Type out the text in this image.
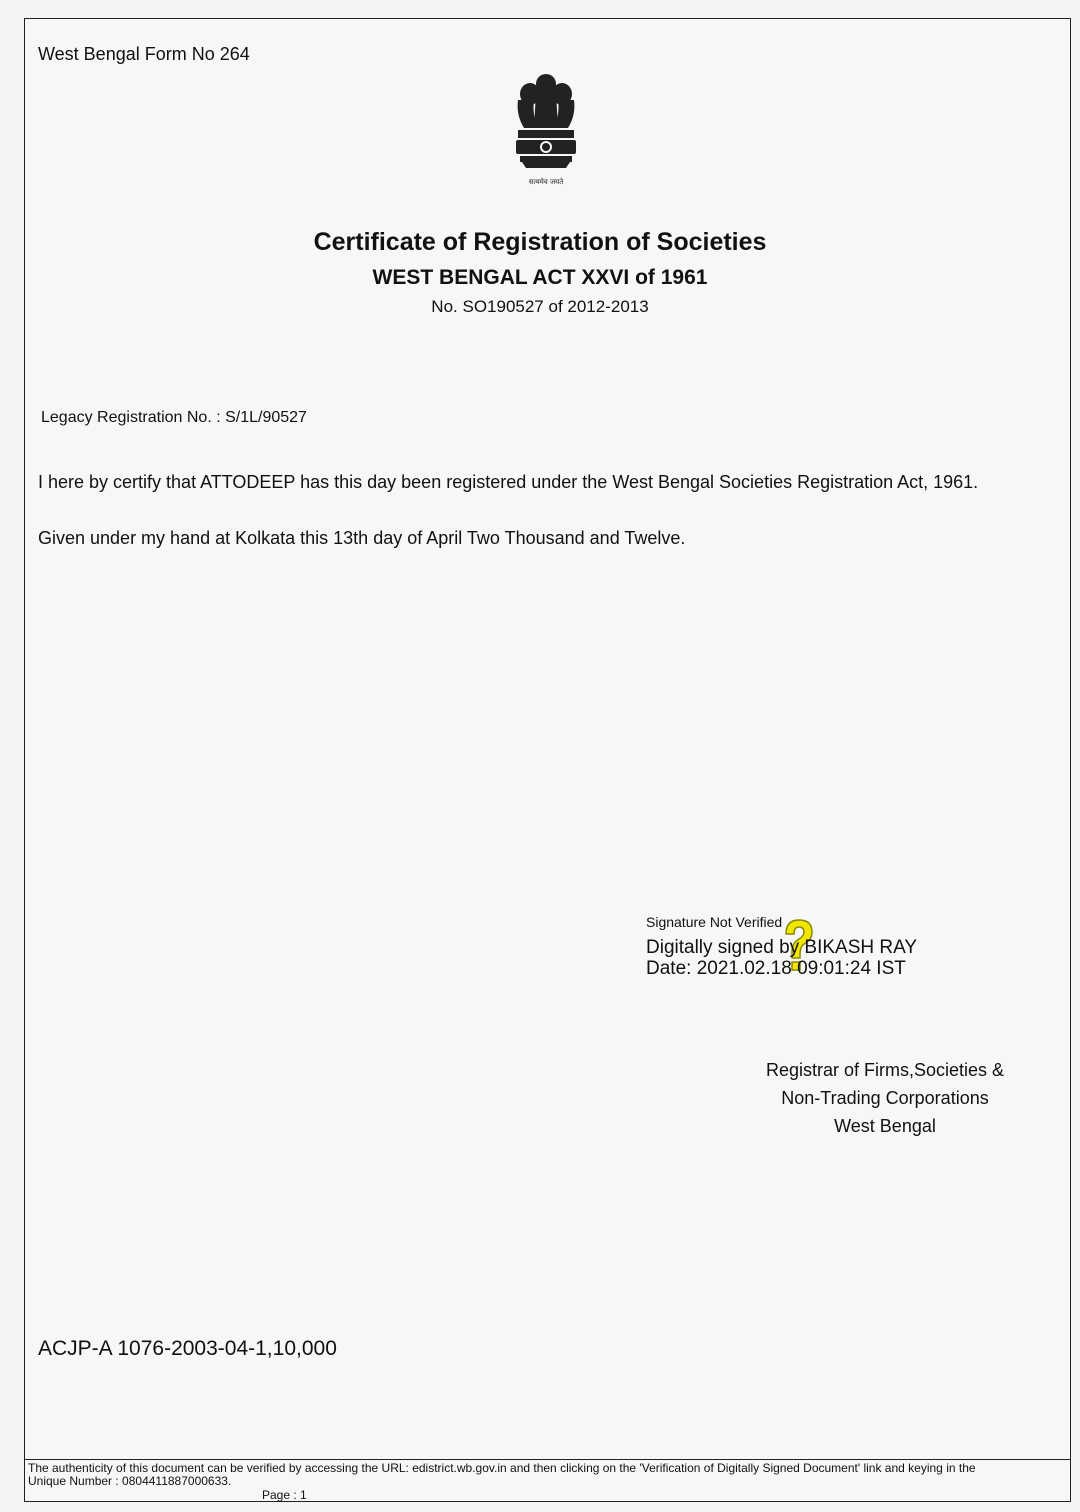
West Bengal Form No 264
सत्यमेव जयते
Certificate of Registration of Societies
WEST BENGAL ACT XXVI of 1961
No. SO190527 of 2012-2013
Legacy Registration No. : S/1L/90527
I here by certify that ATTODEEP has this day been registered under the West Bengal Societies Registration Act, 1961.
Given under my hand at Kolkata this 13th day of April Two Thousand and Twelve.
Signature Not Verified
Digitally signed by BIKASH RAY
Date: 2021.02.18 09:01:24 IST
Registrar of Firms,Societies &
Non-Trading Corporations
West Bengal
ACJP-A 1076-2003-04-1,10,000
The authenticity of this document can be verified by accessing the URL: edistrict.wb.gov.in and then clicking on the 'Verification of Digitally Signed Document' link and keying in the
Unique Number : 0804411887000633.
Page : 1
